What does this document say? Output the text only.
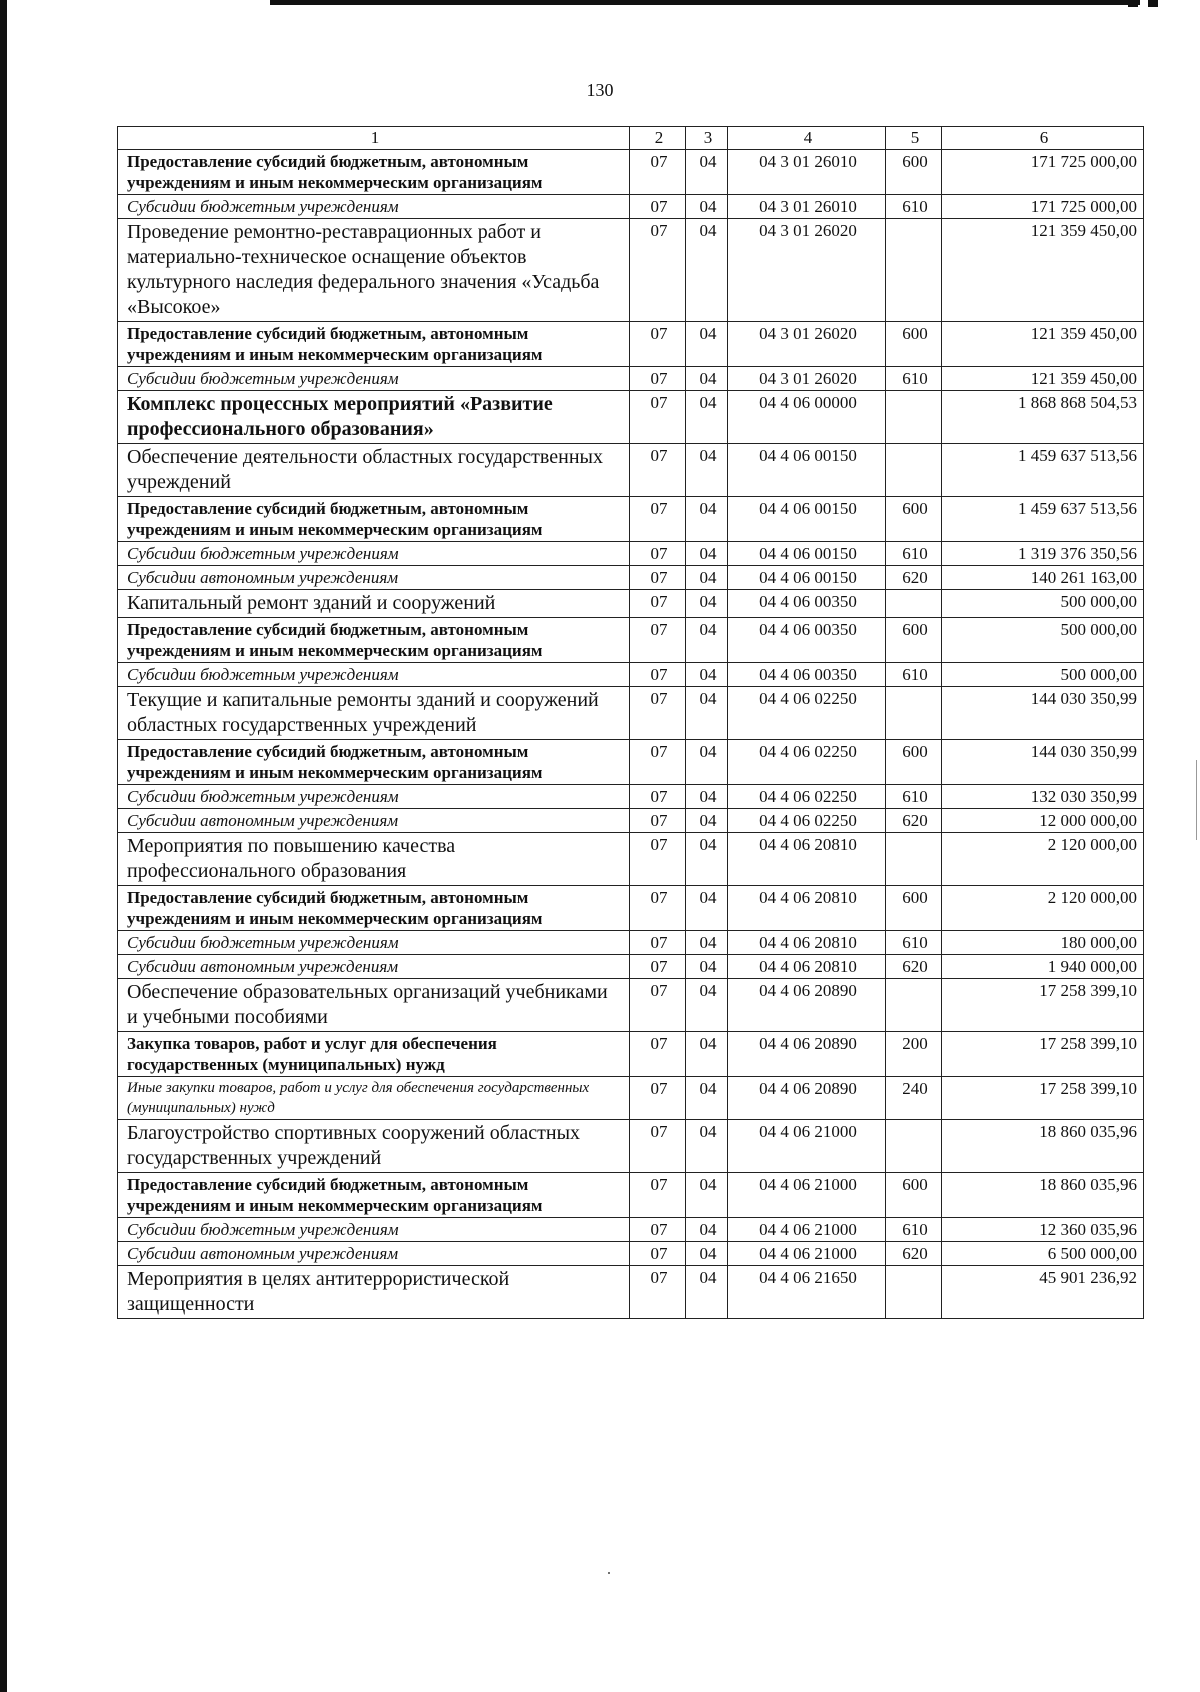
130
1	2	3	4	5	6
Предоставление субсидий бюджетным, автономным учреждениям и иным некоммерческим организациям	07	04	04 3 01 26010	600	171 725 000,00
Субсидии бюджетным учреждениям	07	04	04 3 01 26010	610	171 725 000,00
Проведение ремонтно-реставрационных работ и материально-техническое оснащение объектов культурного наследия федерального значения «Усадьба «Высокое»	07	04	04 3 01 26020		121 359 450,00
Предоставление субсидий бюджетным, автономным учреждениям и иным некоммерческим организациям	07	04	04 3 01 26020	600	121 359 450,00
Субсидии бюджетным учреждениям	07	04	04 3 01 26020	610	121 359 450,00
Комплекс процессных мероприятий «Развитие профессионального образования»	07	04	04 4 06 00000		1 868 868 504,53
Обеспечение деятельности областных государственных учреждений	07	04	04 4 06 00150		1 459 637 513,56
Предоставление субсидий бюджетным, автономным учреждениям и иным некоммерческим организациям	07	04	04 4 06 00150	600	1 459 637 513,56
Субсидии бюджетным учреждениям	07	04	04 4 06 00150	610	1 319 376 350,56
Субсидии автономным учреждениям	07	04	04 4 06 00150	620	140 261 163,00
Капитальный ремонт зданий и сооружений	07	04	04 4 06 00350		500 000,00
Предоставление субсидий бюджетным, автономным учреждениям и иным некоммерческим организациям	07	04	04 4 06 00350	600	500 000,00
Субсидии бюджетным учреждениям	07	04	04 4 06 00350	610	500 000,00
Текущие и капитальные ремонты зданий и сооружений областных государственных учреждений	07	04	04 4 06 02250		144 030 350,99
Предоставление субсидий бюджетным, автономным учреждениям и иным некоммерческим организациям	07	04	04 4 06 02250	600	144 030 350,99
Субсидии бюджетным учреждениям	07	04	04 4 06 02250	610	132 030 350,99
Субсидии автономным учреждениям	07	04	04 4 06 02250	620	12 000 000,00
Мероприятия по повышению качества профессионального образования	07	04	04 4 06 20810		2 120 000,00
Предоставление субсидий бюджетным, автономным учреждениям и иным некоммерческим организациям	07	04	04 4 06 20810	600	2 120 000,00
Субсидии бюджетным учреждениям	07	04	04 4 06 20810	610	180 000,00
Субсидии автономным учреждениям	07	04	04 4 06 20810	620	1 940 000,00
Обеспечение образовательных организаций учебниками и учебными пособиями	07	04	04 4 06 20890		17 258 399,10
Закупка товаров, работ и услуг для обеспечения государственных (муниципальных) нужд	07	04	04 4 06 20890	200	17 258 399,10
Иные закупки товаров, работ и услуг для обеспечения государственных (муниципальных) нужд	07	04	04 4 06 20890	240	17 258 399,10
Благоустройство спортивных сооружений областных государственных учреждений	07	04	04 4 06 21000		18 860 035,96
Предоставление субсидий бюджетным, автономным учреждениям и иным некоммерческим организациям	07	04	04 4 06 21000	600	18 860 035,96
Субсидии бюджетным учреждениям	07	04	04 4 06 21000	610	12 360 035,96
Субсидии автономным учреждениям	07	04	04 4 06 21000	620	6 500 000,00
Мероприятия в целях антитеррористической защищенности	07	04	04 4 06 21650		45 901 236,92
